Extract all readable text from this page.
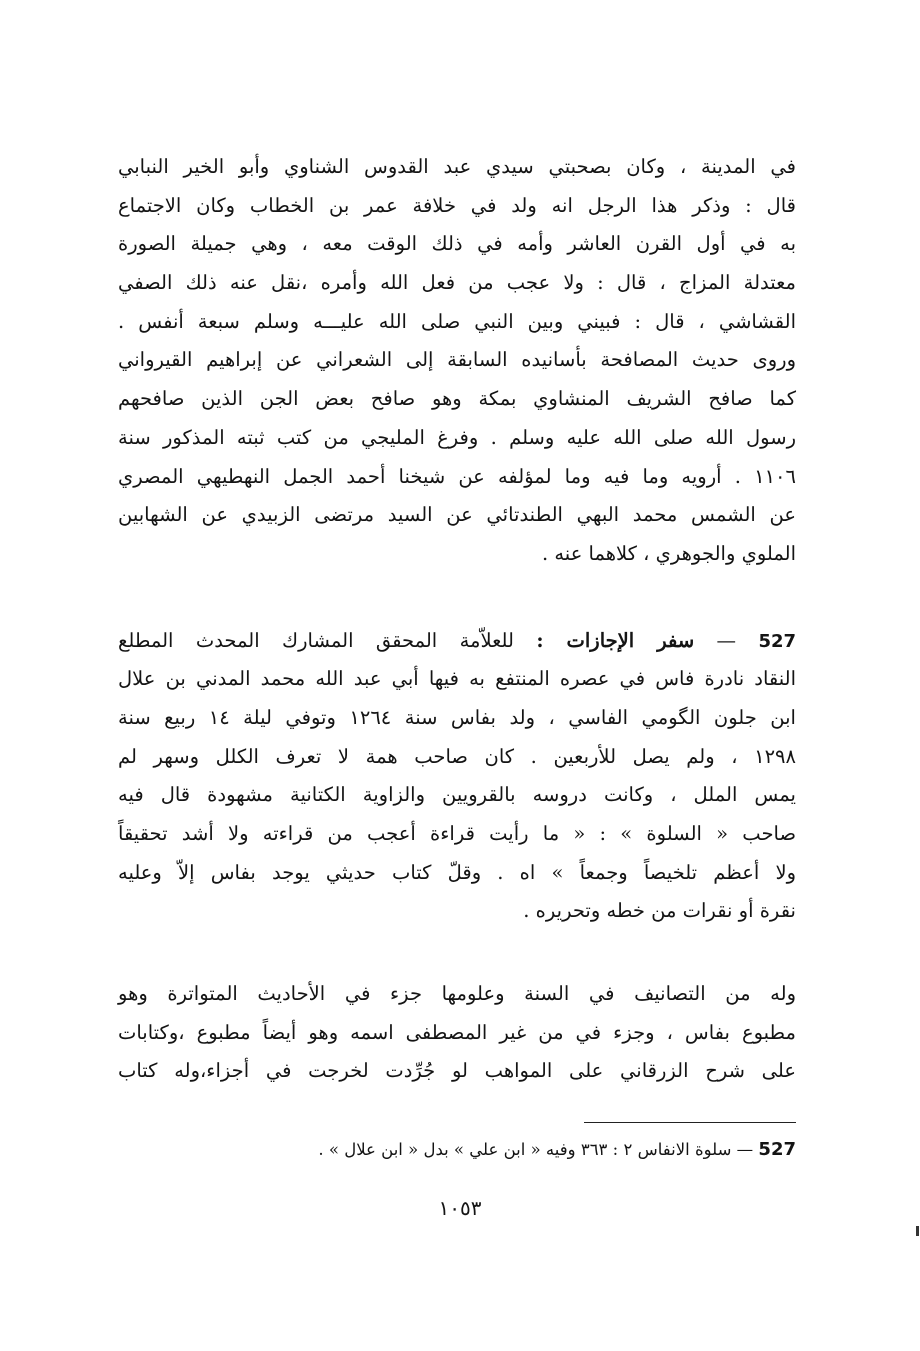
في المدينة ، وكان بصحبتي سيدي عبد القدوس الشناوي وأبو الخير النبابي
قال : وذكر هذا الرجل انه ولد في خلافة عمر بن الخطاب وكان الاجتماع
به في أول القرن العاشر وأمه في ذلك الوقت معه ، وهي جميلة الصورة
معتدلة المزاج ، قال : ولا عجب من فعل الله وأمره ،نقل عنه ذلك الصفي
القشاشي ، قال : فبيني وبين النبي صلى الله عليـــه وسلم سبعة أنفس .
وروى حديث المصافحة بأسانيده السابقة إلى الشعراني عن إبراهيم القيرواني
كما صافح الشريف المنشاوي بمكة وهو صافح بعض الجن الذين صافحهم
رسول الله صلى الله عليه وسلم . وفرغ المليجي من كتب ثبته المذكور سنة
١١٠٦ . أرويه وما فيه وما لمؤلفه عن شيخنا أحمد الجمل النهطيهي المصري
عن الشمس محمد البهي الطندتائي عن السيد مرتضى الزبيدي عن الشهابين
الملوي والجوهري ، كلاهما عنه .
527 — سفر الإجازات : للعلاّمة المحقق المشارك المحدث المطلع
النقاد نادرة فاس في عصره المنتفع به فيها أبي عبد الله محمد المدني بن علال
ابن جلون الگومي الفاسي ، ولد بفاس سنة ١٢٦٤ وتوفي ليلة ١٤ ربيع سنة
١٢٩٨ ، ولم يصل للأربعين . كان صاحب همة لا تعرف الكلل وسهر لم
يمس الملل ، وكانت دروسه بالقرويين والزاوية الكتانية مشهودة قال فيه
صاحب « السلوة » : « ما رأيت قراءة أعجب من قراءته ولا أشد تحقيقاً
ولا أعظم تلخيصاً وجمعاً » اه . وقلّ كتاب حديثي يوجد بفاس إلاّ وعليه
نقرة أو نقرات من خطه وتحريره .
وله من التصانيف في السنة وعلومها جزء في الأحاديث المتواترة وهو
مطبوع بفاس ، وجزء في من غير المصطفى اسمه وهو أيضاً مطبوع ،وكتابات
على شرح الزرقاني على المواهب لو جُرِّدت لخرجت في أجزاء،وله كتاب
527 — سلوة الانفاس ٢ : ٣٦٣ وفيه « ابن علي » بدل « ابن علال » .
١٠٥٣
